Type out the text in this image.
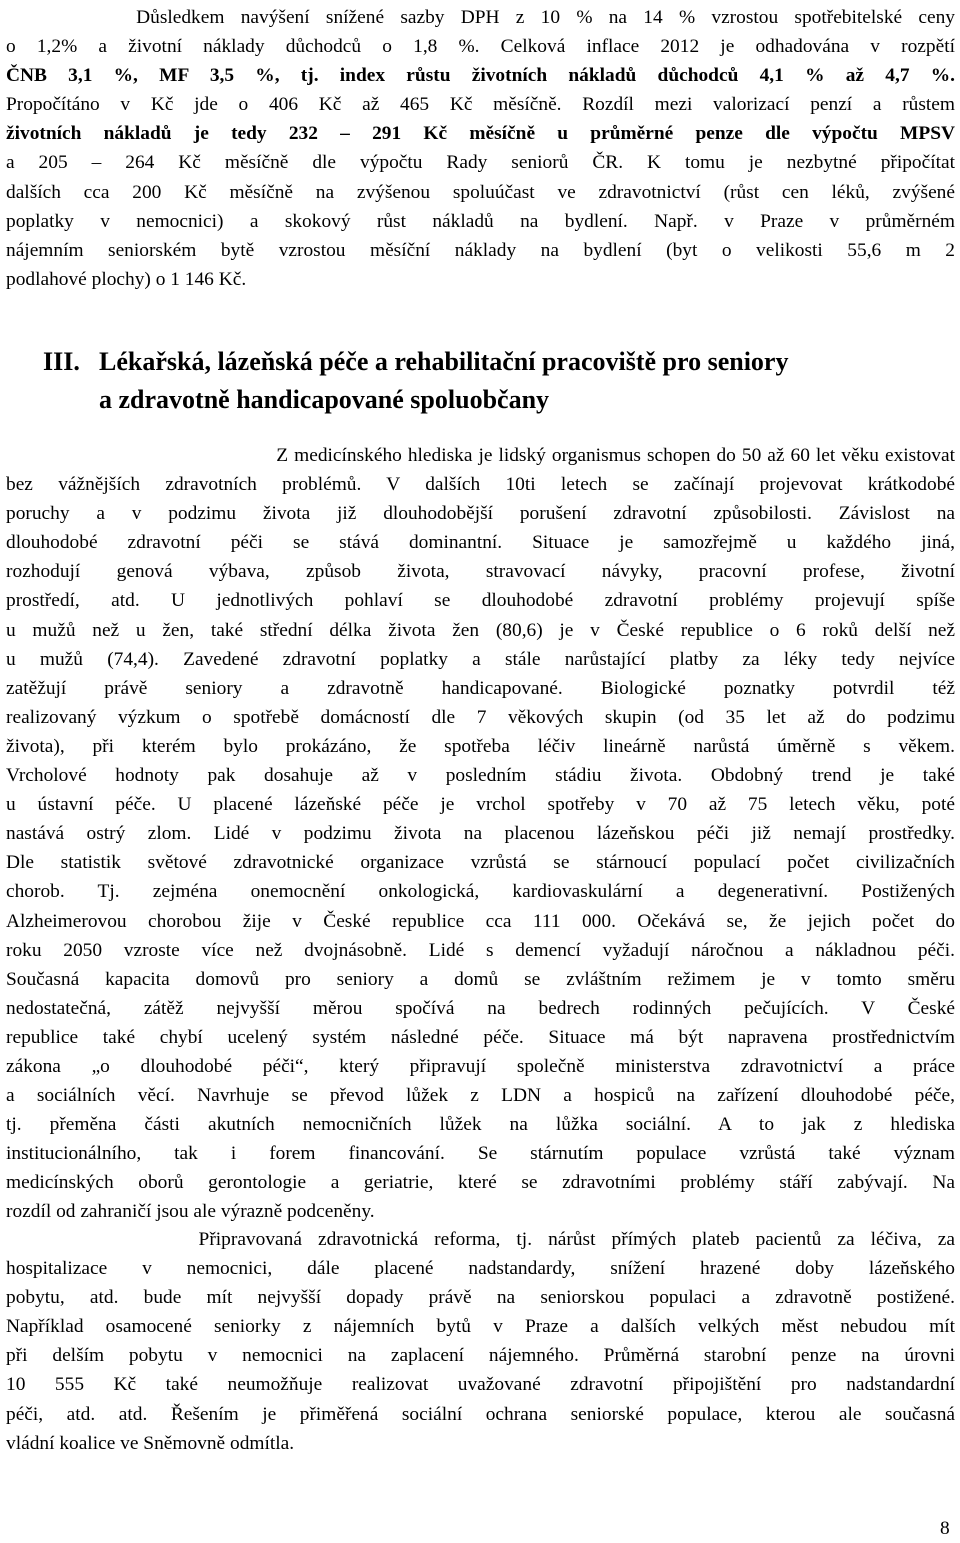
Důsledkem navýšení snížené sazby DPH z 10 % na 14 % vzrostou spotřebitelské ceny
o 1,2% a životní náklady důchodců o 1,8 %. Celková inflace 2012 je odhadována v rozpětí
ČNB 3,1 %, MF 3,5 %, tj. index růstu životních nákladů důchodců 4,1 % až 4,7 %.
Propočítáno v Kč jde o 406 Kč až 465 Kč měsíčně. Rozdíl mezi valorizací penzí a růstem
životních nákladů je tedy 232 – 291 Kč měsíčně u průměrné penze dle výpočtu MPSV
a 205 – 264 Kč měsíčně dle výpočtu Rady seniorů ČR. K tomu je nezbytné připočítat
dalších cca 200 Kč měsíčně na zvýšenou spoluúčast ve zdravotnictví (růst cen léků, zvýšené
poplatky v nemocnici) a skokový růst nákladů na bydlení. Např. v Praze v průměrném
nájemním seniorském bytě vzrostou měsíční náklady na bydlení (byt o velikosti 55,6 m 2
podlahové plochy) o 1 146 Kč.
III. Lékařská, lázeňská péče a rehabilitační pracoviště pro seniory
a zdravotně handicapované spoluobčany
Z medicínského hlediska je lidský organismus schopen do 50 až 60 let věku existovat
bez vážnějších zdravotních problémů. V dalších 10ti letech se začínají projevovat krátkodobé
poruchy a v podzimu života již dlouhodobější porušení zdravotní způsobilosti. Závislost na
dlouhodobé zdravotní péči se stává dominantní. Situace je samozřejmě u každého jiná,
rozhodují genová výbava, způsob života, stravovací návyky, pracovní profese, životní
prostředí, atd. U jednotlivých pohlaví se dlouhodobé zdravotní problémy projevují spíše
u mužů než u žen, také střední délka života žen (80,6) je v České republice o 6 roků delší než
u mužů (74,4). Zavedené zdravotní poplatky a stále narůstající platby za léky tedy nejvíce
zatěžují právě seniory a zdravotně handicapované. Biologické poznatky potvrdil též
realizovaný výzkum o spotřebě domácností dle 7 věkových skupin (od 35 let až do podzimu
života), při kterém bylo prokázáno, že spotřeba léčiv lineárně narůstá úměrně s věkem.
Vrcholové hodnoty pak dosahuje až v posledním stádiu života. Obdobný trend je také
u ústavní péče. U placené lázeňské péče je vrchol spotřeby v 70 až 75 letech věku, poté
nastává ostrý zlom. Lidé v podzimu života na placenou lázeňskou péči již nemají prostředky.
Dle statistik světové zdravotnické organizace vzrůstá se stárnoucí populací počet civilizačních
chorob. Tj. zejména onemocnění onkologická, kardiovaskulární a degenerativní. Postižených
Alzheimerovou chorobou žije v České republice cca 111 000. Očekává se, že jejich počet do
roku 2050 vzroste více než dvojnásobně. Lidé s demencí vyžadují náročnou a nákladnou péči.
Současná kapacita domovů pro seniory a domů se zvláštním režimem je v tomto směru
nedostatečná, zátěž nejvyšší měrou spočívá na bedrech rodinných pečujících. V České
republice také chybí ucelený systém následné péče. Situace má být napravena prostřednictvím
zákona „o dlouhodobé péči“, který připravují společně ministerstva zdravotnictví a práce
a sociálních věcí. Navrhuje se převod lůžek z LDN a hospiců na zařízení dlouhodobé péče,
tj. přeměna části akutních nemocničních lůžek na lůžka sociální. A to jak z hlediska
institucionálního, tak i forem financování. Se stárnutím populace vzrůstá také význam
medicínských oborů gerontologie a geriatrie, které se zdravotními problémy stáří zabývají. Na
rozdíl od zahraničí jsou ale výrazně podceněny.
Připravovaná zdravotnická reforma, tj. nárůst přímých plateb pacientů za léčiva, za
hospitalizace v nemocnici, dále placené nadstandardy, snížení hrazené doby lázeňského
pobytu, atd. bude mít nejvyšší dopady právě na seniorskou populaci a zdravotně postižené.
Například osamocené seniorky z nájemních bytů v Praze a dalších velkých měst nebudou mít
při delším pobytu v nemocnici na zaplacení nájemného. Průměrná starobní penze na úrovni
10 555 Kč také neumožňuje realizovat uvažované zdravotní připojištění pro nadstandardní
péči, atd. atd. Řešením je přiměřená sociální ochrana seniorské populace, kterou ale současná
vládní koalice ve Sněmovně odmítla.
8
